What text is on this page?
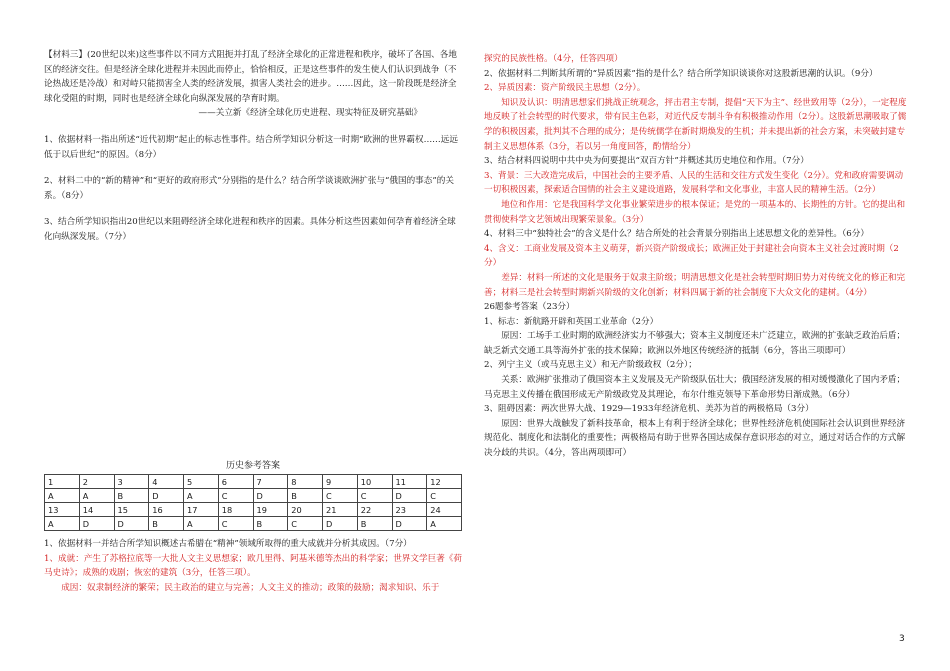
【材料三】(20世纪以来)这些事件以不同方式阻扼并打乱了经济全球化的正常进程和秩序，破坏了各国、各地区的经济交往。但是经济全球化进程并未因此而停止，恰恰相反，正是这些事件的发生使人们认识到战争（不论热战还是冷战）和对峙只能损害全人类的经济发展，损害人类社会的进步。……因此，这一阶段既是经济全球化受阻的时期，同时也是经济全球化向纵深发展的孕育时期。

——关立新《经济全球化历史进程、现实特征及研究基础》

1、依据材料一指出所述“近代初期”起止的标志性事件。结合所学知识分析这一时期“欧洲的世界霸权……远远低于以后世纪”的原因。（8分）

2、材料二中的“新的精神”和“更好的政府形式”分别指的是什么？结合所学谈谈欧洲扩张与“俄国的事态”的关系。（8分）

3、结合所学知识指出20世纪以来阻碍经济全球化进程和秩序的因素。具体分析这些因素如何孕育着经济全球化向纵深发展。（7分）

历史参考答案

1	2	3	4	5	6	7	8	9	10	11	12
A	A	B	D	A	C	D	B	C	C	D	C
13	14	15	16	17	18	19	20	21	22	23	24
A	D	D	B	A	C	B	C	D	B	D	A

1、依据材料一并结合所学知识概述古希腊在“精神”领域所取得的重大成就并分析其成因。（7分）

1、成就：产生了苏格拉底等一大批人文主义思想家；欧几里得、阿基米德等杰出的科学家；世界文学巨著《荷马史诗》；成熟的戏剧；恢宏的建筑（3分，任答三项）。

成因：奴隶制经济的繁荣；民主政治的建立与完善；人文主义的推动；政策的鼓励；渴求知识、乐于

探究的民族性格。（4分，任答四项）

2、依据材料二判断其所谓的“异质因素”指的是什么？结合所学知识谈谈你对这股新思潮的认识。（9分）

2、异质因素：资产阶级民主思想（2分）。

知识及认识：明清思想家们挑战正统观念，抨击君主专制，提倡“天下为主”、经世致用等（2分），一定程度地反映了社会转型的时代要求，带有民主色彩，对近代反专制斗争有积极推动作用（2分）。这股新思潮吸取了儒学的积极因素，批判其不合理的成分；是传统儒学在新时期焕发的生机；并未提出新的社会方案，未突破封建专制主义思想体系（3分，若以另一角度回答，酌情给分）

3、结合材料四说明中共中央为何要提出“双百方针”并概述其历史地位和作用。（7分）

3、背景：三大改造完成后，中国社会的主要矛盾、人民的生活和交往方式发生变化（2分）。党和政府需要调动一切积极因素，探索适合国情的社会主义建设道路，发展科学和文化事业，丰富人民的精神生活。（2分）

地位和作用：它是我国科学文化事业繁荣进步的根本保证；是党的一项基本的、长期性的方针。它的提出和贯彻使科学文艺领域出现繁荣景象。（3分）

4、材料三中“独特社会”的含义是什么？结合所处的社会背景分别指出上述思想文化的差异性。（6分）

4、含义：工商业发展及资本主义萌芽，新兴资产阶级成长；欧洲正处于封建社会向资本主义社会过渡时期（2分）

差异：材料一所述的文化是服务于奴隶主阶级；明清思想文化是社会转型时期旧势力对传统文化的修正和完善；材料三是社会转型时期新兴阶级的文化创新；材料四属于新的社会制度下大众文化的建树。（4分）

26题参考答案（23分）

1、标志：新航路开辟和英国工业革命（2分）

原因：工场手工业时期的欧洲经济实力不够强大；资本主义制度还未广泛建立，欧洲的扩张缺乏政治后盾；缺乏新式交通工具等海外扩张的技术保障；欧洲以外地区传统经济的抵制（6分，答出三项即可）

2、列宁主义（或马克思主义）和无产阶级政权（2分）；

关系：欧洲扩张推动了俄国资本主义发展及无产阶级队伍壮大；俄国经济发展的相对缓慢激化了国内矛盾；马克思主义传播在俄国形成无产阶级政党及其理论，布尔什维克领导下革命形势日渐成熟。（6分）

3、阻碍因素：两次世界大战、1929—1933年经济危机、美苏为首的两极格局（3分）

原因：世界大战触发了新科技革命，根本上有利于经济全球化；世界性经济危机使国际社会认识到世界经济规范化、制度化和法制化的重要性；两极格局有助于世界各国达成保存意识形态的对立，通过对话合作的方式解决分歧的共识。（4分，答出两项即可）

3
